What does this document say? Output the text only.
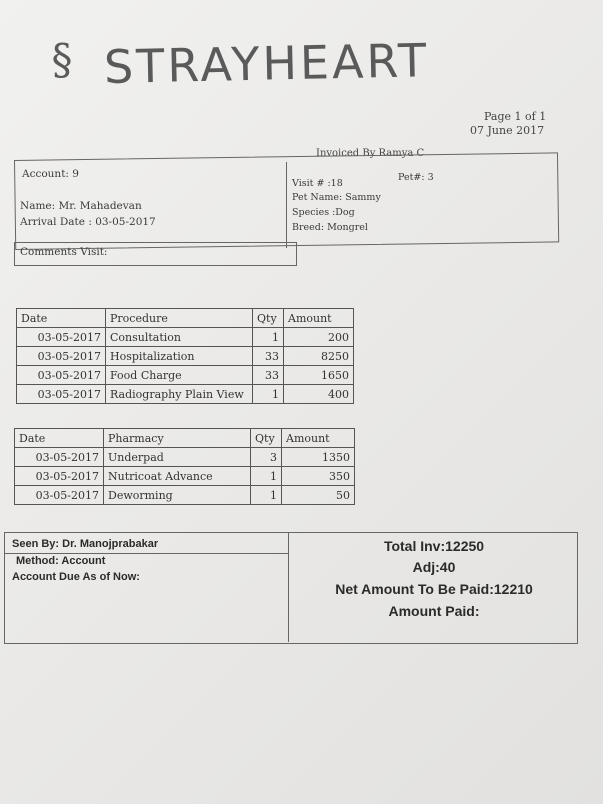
§ STRAYHEART
Page 1 of 1
07 June 2017
Invoiced By Ramya C
Account: 9
Name: Mr. Mahadevan
Arrival Date : 03-05-2017
Visit # :18
Pet#: 3
Pet Name: Sammy
Species :Dog
Breed: Mongrel
Comments Visit:
Date	Procedure	Qty	Amount
03-05-2017	Consultation	1	200
03-05-2017	Hospitalization	33	8250
03-05-2017	Food Charge	33	1650
03-05-2017	Radiography Plain View	1	400
Date	Pharmacy	Qty	Amount
03-05-2017	Underpad	3	1350
03-05-2017	Nutricoat Advance	1	350
03-05-2017	Deworming	1	50
Seen By: Dr. Manojprabakar
Method: Account
Account Due As of Now:
Total Inv:12250
Adj:40
Net Amount To Be Paid:12210
Amount Paid:
